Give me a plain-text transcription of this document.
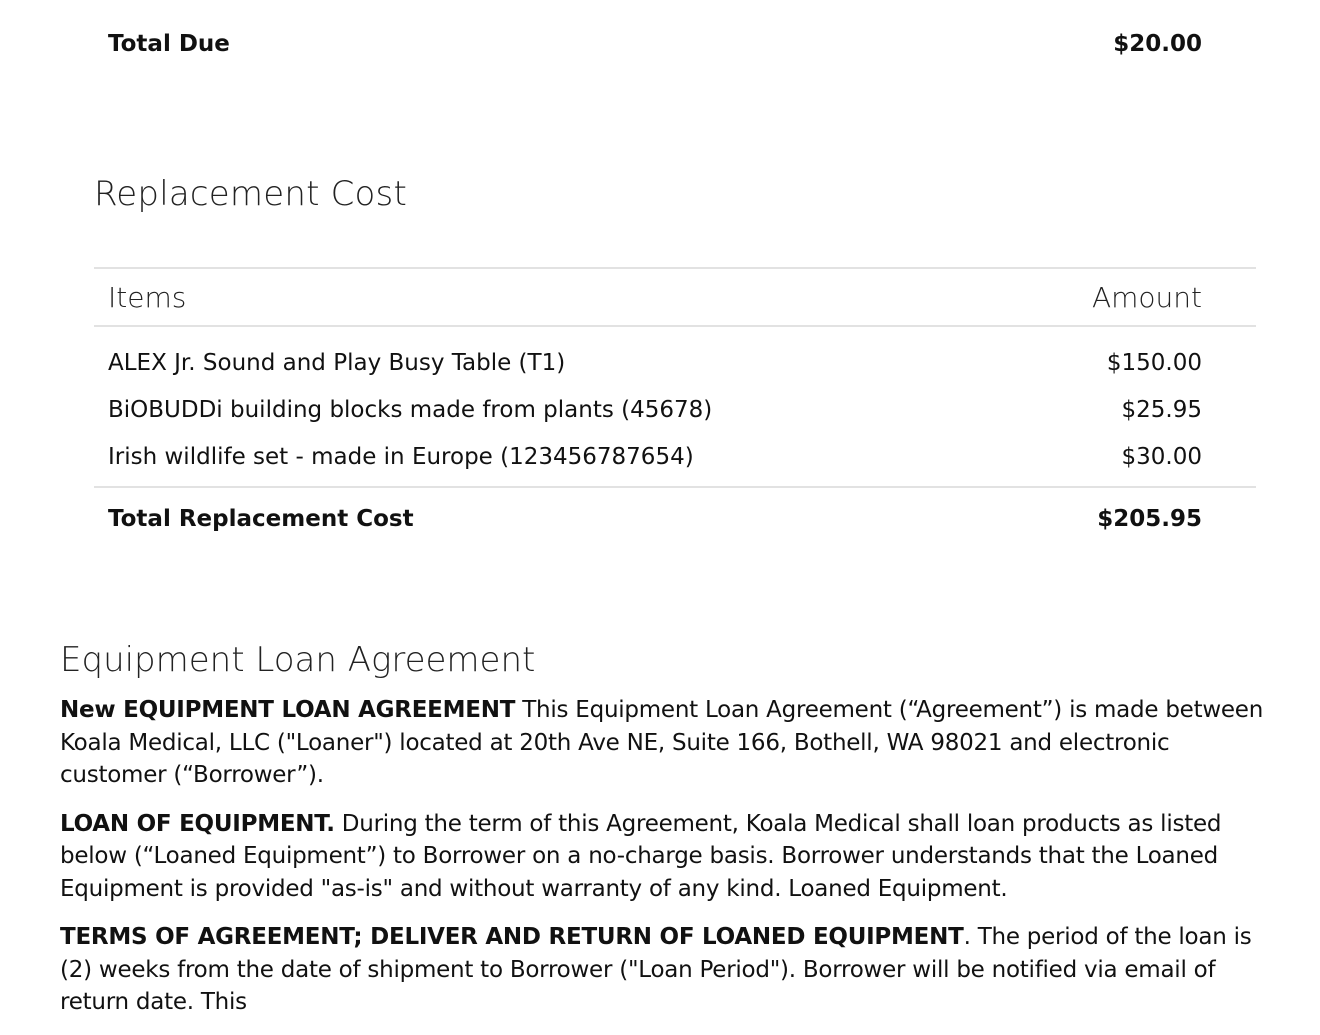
Total Due	$20.00
Replacement Cost
Items	Amount
ALEX Jr. Sound and Play Busy Table (T1)	$150.00
BiOBUDDi building blocks made from plants (45678)	$25.95
Irish wildlife set - made in Europe (123456787654)	$30.00
Total Replacement Cost	$205.95
Equipment Loan Agreement

New EQUIPMENT LOAN AGREEMENT This Equipment Loan Agreement (“Agreement”) is made between Koala Medical, LLC ("Loaner") located at 20th Ave NE, Suite 166, Bothell, WA 98021 and electronic customer (“Borrower”).

LOAN OF EQUIPMENT. During the term of this Agreement, Koala Medical shall loan products as listed below (“Loaned Equipment”) to Borrower on a no-charge basis. Borrower understands that the Loaned Equipment is provided "as-is" and without warranty of any kind. Loaned Equipment.

TERMS OF AGREEMENT; DELIVER AND RETURN OF LOANED EQUIPMENT. The period of the loan is (2) weeks from the date of shipment to Borrower ("Loan Period"). Borrower will be notified via email of return date. This
